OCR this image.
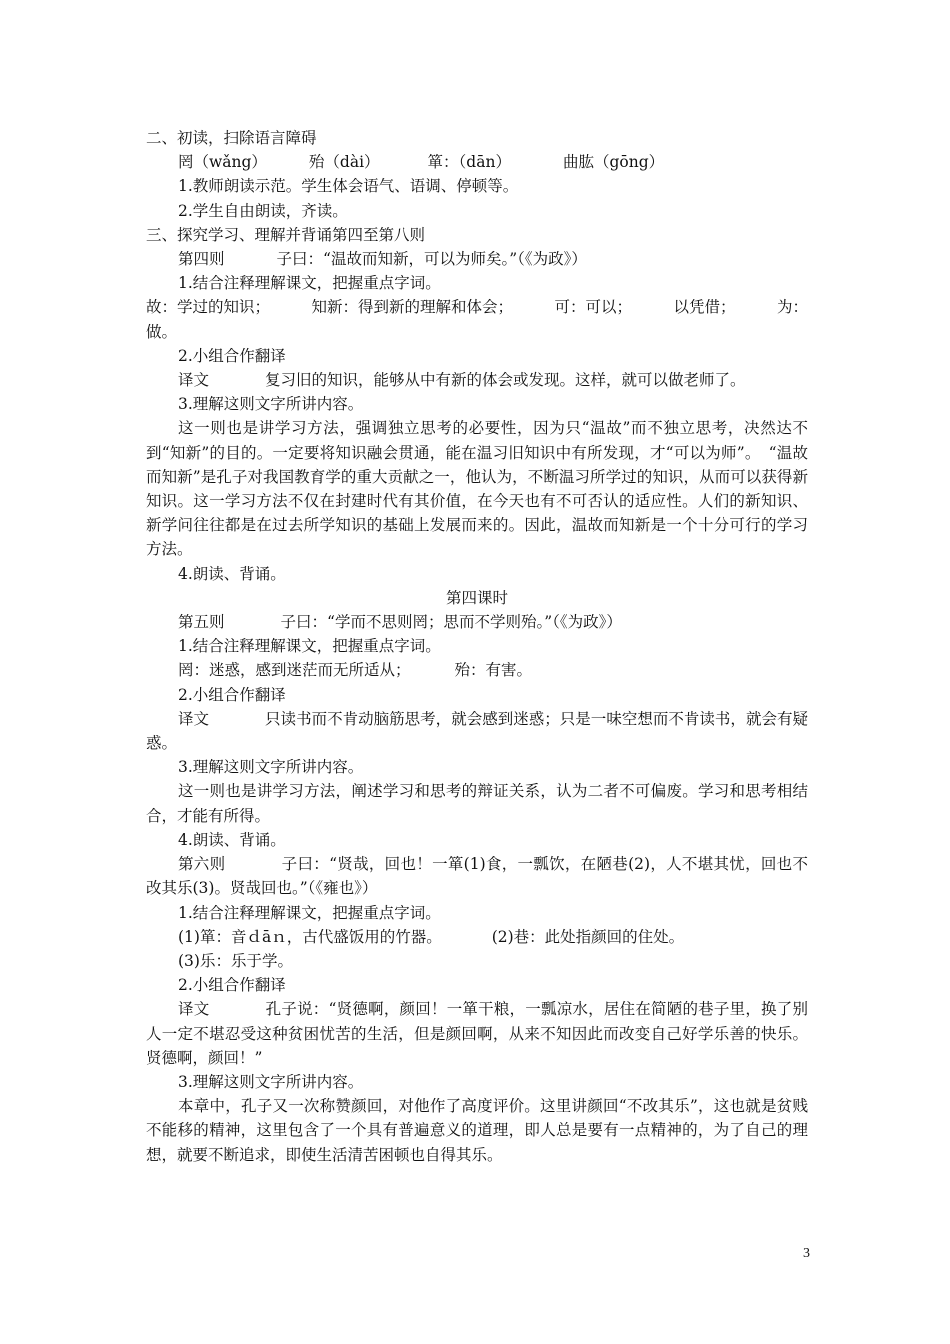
二、初读，扫除语言障碍
罔（wǎng）	殆（dài）	箪：（dān）	曲肱（gōng）
1.教师朗读示范。学生体会语气、语调、停顿等。
2.学生自由朗读，齐读。
三、探究学习、理解并背诵第四至第八则
第四则	子曰：“温故而知新，可以为师矣。”（《为政》）
1.结合注释理解课文，把握重点字词。
故：学过的知识；	知新：得到新的理解和体会；	可：可以；	以凭借；	为：
做。
2.小组合作翻译
译文	复习旧的知识，能够从中有新的体会或发现。这样，就可以做老师了。
3.理解这则文字所讲内容。
这一则也是讲学习方法，强调独立思考的必要性，因为只“温故”而不独立思考，决然达不到“知新”的目的。一定要将知识融会贯通，能在温习旧知识中有所发现，才“可以为师”。　“温故而知新”是孔子对我国教育学的重大贡献之一，他认为，不断温习所学过的知识，从而可以获得新知识。这一学习方法不仅在封建时代有其价值，在今天也有不可否认的适应性。人们的新知识、新学问往往都是在过去所学知识的基础上发展而来的。因此，温故而知新是一个十分可行的学习方法。
4.朗读、背诵。
第四课时
第五则	子曰：“学而不思则罔；思而不学则殆。”（《为政》）
1.结合注释理解课文，把握重点字词。
罔：迷惑，感到迷茫而无所适从；	殆：有害。
2.小组合作翻译
译文	只读书而不肯动脑筋思考，就会感到迷惑；只是一味空想而不肯读书，就会有疑惑。
3.理解这则文字所讲内容。
这一则也是讲学习方法，阐述学习和思考的辩证关系，认为二者不可偏废。学习和思考相结合，才能有所得。
4.朗读、背诵。
第六则	子曰：“贤哉，回也！一箪(1)食，一瓢饮，在陋巷(2)，人不堪其忧，回也不改其乐(3)。贤哉回也。”（《雍也》）
1.结合注释理解课文，把握重点字词。
(1)箪：音ｄāｎ，古代盛饭用的竹器。	(2)巷：此处指颜回的住处。
(3)乐：乐于学。
2.小组合作翻译
译文	孔子说：“贤德啊，颜回！一箪干粮，一瓢凉水，居住在简陋的巷子里，换了别人一定不堪忍受这种贫困忧苦的生活，但是颜回啊，从来不知因此而改变自己好学乐善的快乐。贤德啊，颜回！”
3.理解这则文字所讲内容。
本章中，孔子又一次称赞颜回，对他作了高度评价。这里讲颜回“不改其乐”，这也就是贫贱不能移的精神，这里包含了一个具有普遍意义的道理，即人总是要有一点精神的，为了自己的理想，就要不断追求，即使生活清苦困顿也自得其乐。
3
